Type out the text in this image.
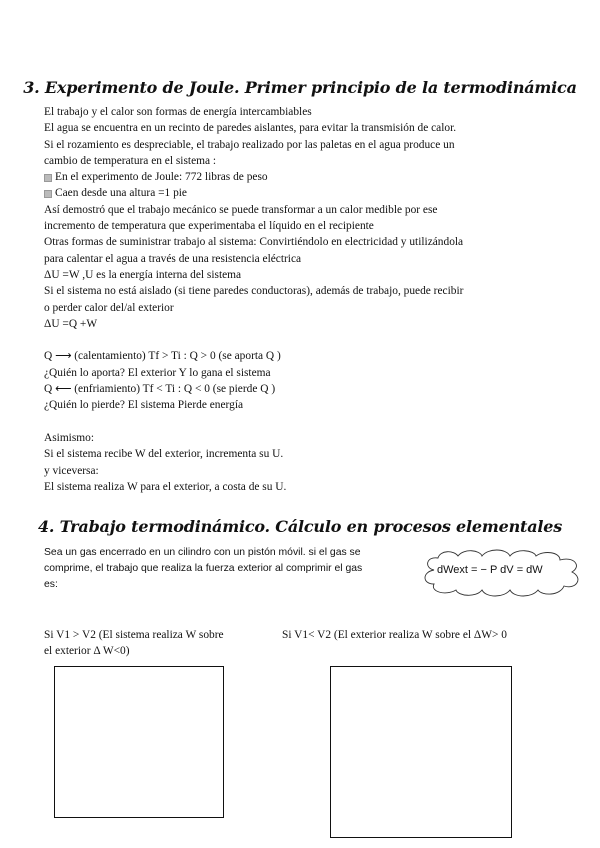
3. Experimento de Joule. Primer principio de la termodinámica
El trabajo y el calor son formas de energía intercambiables
El agua se encuentra en un recinto de paredes aislantes, para evitar la transmisión de calor.
Si el rozamiento es despreciable, el trabajo realizado por las paletas en el agua produce un
cambio de temperatura en el sistema :
En el experimento de Joule: 772 libras de peso
Caen desde una altura =1 pie
Así demostró que el trabajo mecánico se puede transformar a un calor medible por ese
incremento de temperatura que experimentaba el líquido en el recipiente
Otras formas de suministrar trabajo al sistema: Convirtiéndolo en electricidad y utilizándola
para calentar el agua a través de una resistencia eléctrica
ΔU =W ,U es la energía interna del sistema
Si el sistema no está aislado (si tiene paredes conductoras), además de trabajo, puede recibir
o perder calor del/al exterior
ΔU =Q +W
Q ⟶ (calentamiento) Tf > Ti : Q > 0 (se aporta Q )
¿Quién lo aporta? El exterior Y lo gana el sistema
Q ⟵ (enfriamiento) Tf < Ti : Q < 0 (se pierde Q )
¿Quién lo pierde? El sistema Pierde energía
Asimismo:
Si el sistema recibe W del exterior, incrementa su U.
y viceversa:
El sistema realiza W para el exterior, a costa de su U.
4. Trabajo termodinámico. Cálculo en procesos elementales
Sea un gas encerrado en un cilindro con un pistón móvil. si el gas se
comprime, el trabajo que realiza la fuerza exterior al comprimir el gas
es:
dWext = − P dV = dW
Si V1 > V2 (El sistema realiza W sobre
el exterior Δ W<0)
Si V1< V2 (El exterior realiza W sobre el ΔW> 0
